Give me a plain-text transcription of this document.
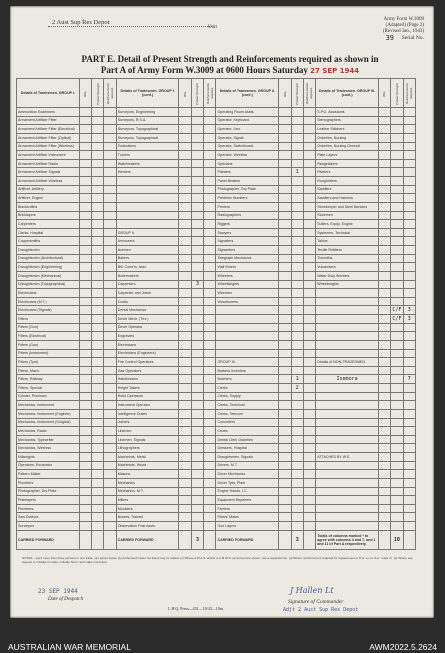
2 Aust Sup Res Depot
Unit
Army Form W.3009
(Adapted) (Page 2)
(Revised Jan., 1943)
Serial No.
39
PART E. Detail of Present Strength and Reinforcements required as shown in
Part A of Army Form W.3009 at 0600 Hours Saturday 27 SEP 1944
Details of Tradesmen. GROUP I.	W.E.	Posted Strength.	Reinforcements required.	Details of Tradesmen. GROUP I. (cont.)	W.E.	Posted Strength.	Reinforcements required.	Details of Tradesmen. GROUP II. (cont.)	W.E.	Posted Strength.	Reinforcements required.	Details of Tradesmen. GROUP III. (cont.)	W.E.	Posted Strength.	Reinforcements required.
Ammunition Examiners				Surveyors, Engineering				Operating Room Assts.				S.P.O. Assistants			
Armament Artificer Fitter				Surveyors, R.S.A.				Operator, Keyboard				Stenographers			
Armament Artificer Fitter (Electrical)				Surveyors, Topographical				Operator, Lino				Leather Stitchers			
Armament Artificer Fitter (Optical)				Surveyors, Topographical				Operator, Signal				Orderlies, Nursing			
Armament Artificer Fitter (Wireless)				Toolmakers				Operator, Switchboard				Orderlies, Nursing General			
Armament Artificer Instrument				Turners				Operator, Wireless				Plate Layers			
Armament Artificer Radio				Watchmakers				Opticians				Rangetakers			
Armament Artificer Signals				Welders				Painters		1		Riveters			
Armament Artificer Wireless								Panel Beaters				Roughriders			
Artificer, Artillery								Photographer, Dry Plate				Saddlers			
Artificer, Engine								Predictor Numbers				Saddlers and Harness			
Blacksmiths								Printers				Storekeeper and Steel Benders			
Bricklayers								Radiographers				Storemen			
Carpenters								Riggers				Sutlers, Equip. Engine			
Clerks, Hospital				GROUP II.				Sawyers				Systemen, Technical			
Coppersmiths				Armourers				Signallers				Tailors			
Draughtsmen				Axemen				Signwriters				Textile Refitters			
Draughtsmen (Architectural)				Bakers				Telegraph Mechanics				Tinsmiths			
Draughtsmen (Engineering)				Bill. Cond'rs, Asst.				Wall Borers				Vulcanisers			
Draughtsmen (Mechanical)				Boilermakers				Wheelers				Water Duty Workers			
Draughtsmen (Topographical)				Carpenters		3		Wheelwrights				Wheelwrights			
Electricians				Carpenter and Joiner				Wiremen							
Electricians (M.T.)				Cooks				Woodturners							
Electricians (Signals)				Dental Mechanics										C/F	3
Fitters				Driver Mech. (Tlrs.)										C/F	3
Fitters (Gun)				Driver Operator											
Fitters (Electrical)				Engravers											
Fitters (Gun)				Electricians											
Fitters (Instrument)				Electricians (Engineers)											
Fitters (Tyre)				Fire Control Operators				GROUP III.				Details of NON-TRADESMEN.			
Fitters, Mach.				Gas Operators				Barbers Inventors							
Fitters, Railway				Hairdressers				Butchers		1		Isemora			7
Fitters, Special				Height Takers				Clerks		2					
Grinder, Precision				Hoist Operators				Clerks, Supply							
Mechanics, Instrument				Instrument Operator				Clerks, Technical							
Mechanics, Instrument (Engines)				Intelligence Duties				Clerks, Telecom							
Mechanics, Instrument (Surgical)				Joiners				Concreters							
Mechanics, Radio				Linemen				Cooks							
Mechanics, Typewriter				Linemen, Signals				Dental Clerk Orderlies							
Mechanics, Wireless				Lithographers				Dressers, Hospital							
Millwrights				Machinists, Metal				Draughtsmen, Signals				ATTACHED BY W.E.			
Operators, Excavator				Machinists, Wood				Drivers, M.T.							
Pattern Maker				Masons				Driver Mechanics							
Plumbers				Mechanics				Driver Tpts, Plant							
Photographer, Dry Plate				Mechanics, M.T.				Engine Hands, I.C.							
Platelayers				Millers				Equipment Repairers							
Plumbers				Moulders				Farriers							
Saw Doctors				Nurses, Trained				Fitters' Mates							
Surveyors				Observation Post Assts.				Gun Layers							
CARRIED FORWARD				CARRIED FORWARD		3		CARRIED FORWARD		3		Totals of columns marked * to agree with columns 4 and 7, and 1 and 11 of Part A respectively.		10	
NOTES.—(a) If more than three persons in one trade, use space below. (b) Authorised trades not listed may be added. (c) Where A.W.A.S. and/or A.A.M.W.S. personnel are shown, use a separate line. (d) Where reinforcement required for replacement in 'P.A.' or on 'A.A.' mark 'A'. (e) Where any request or mistake is made, indicate 'Error' and make correction.
23 SEP 1944
Date of Despatch
L.H.Q. Press—431—10/43—10m.
J Hallen Lt
Signature of Commander
Adjt 2 Aust Sup Res Depot
AUSTRALIAN WAR MEMORIAL	AWM2022.5.2624
